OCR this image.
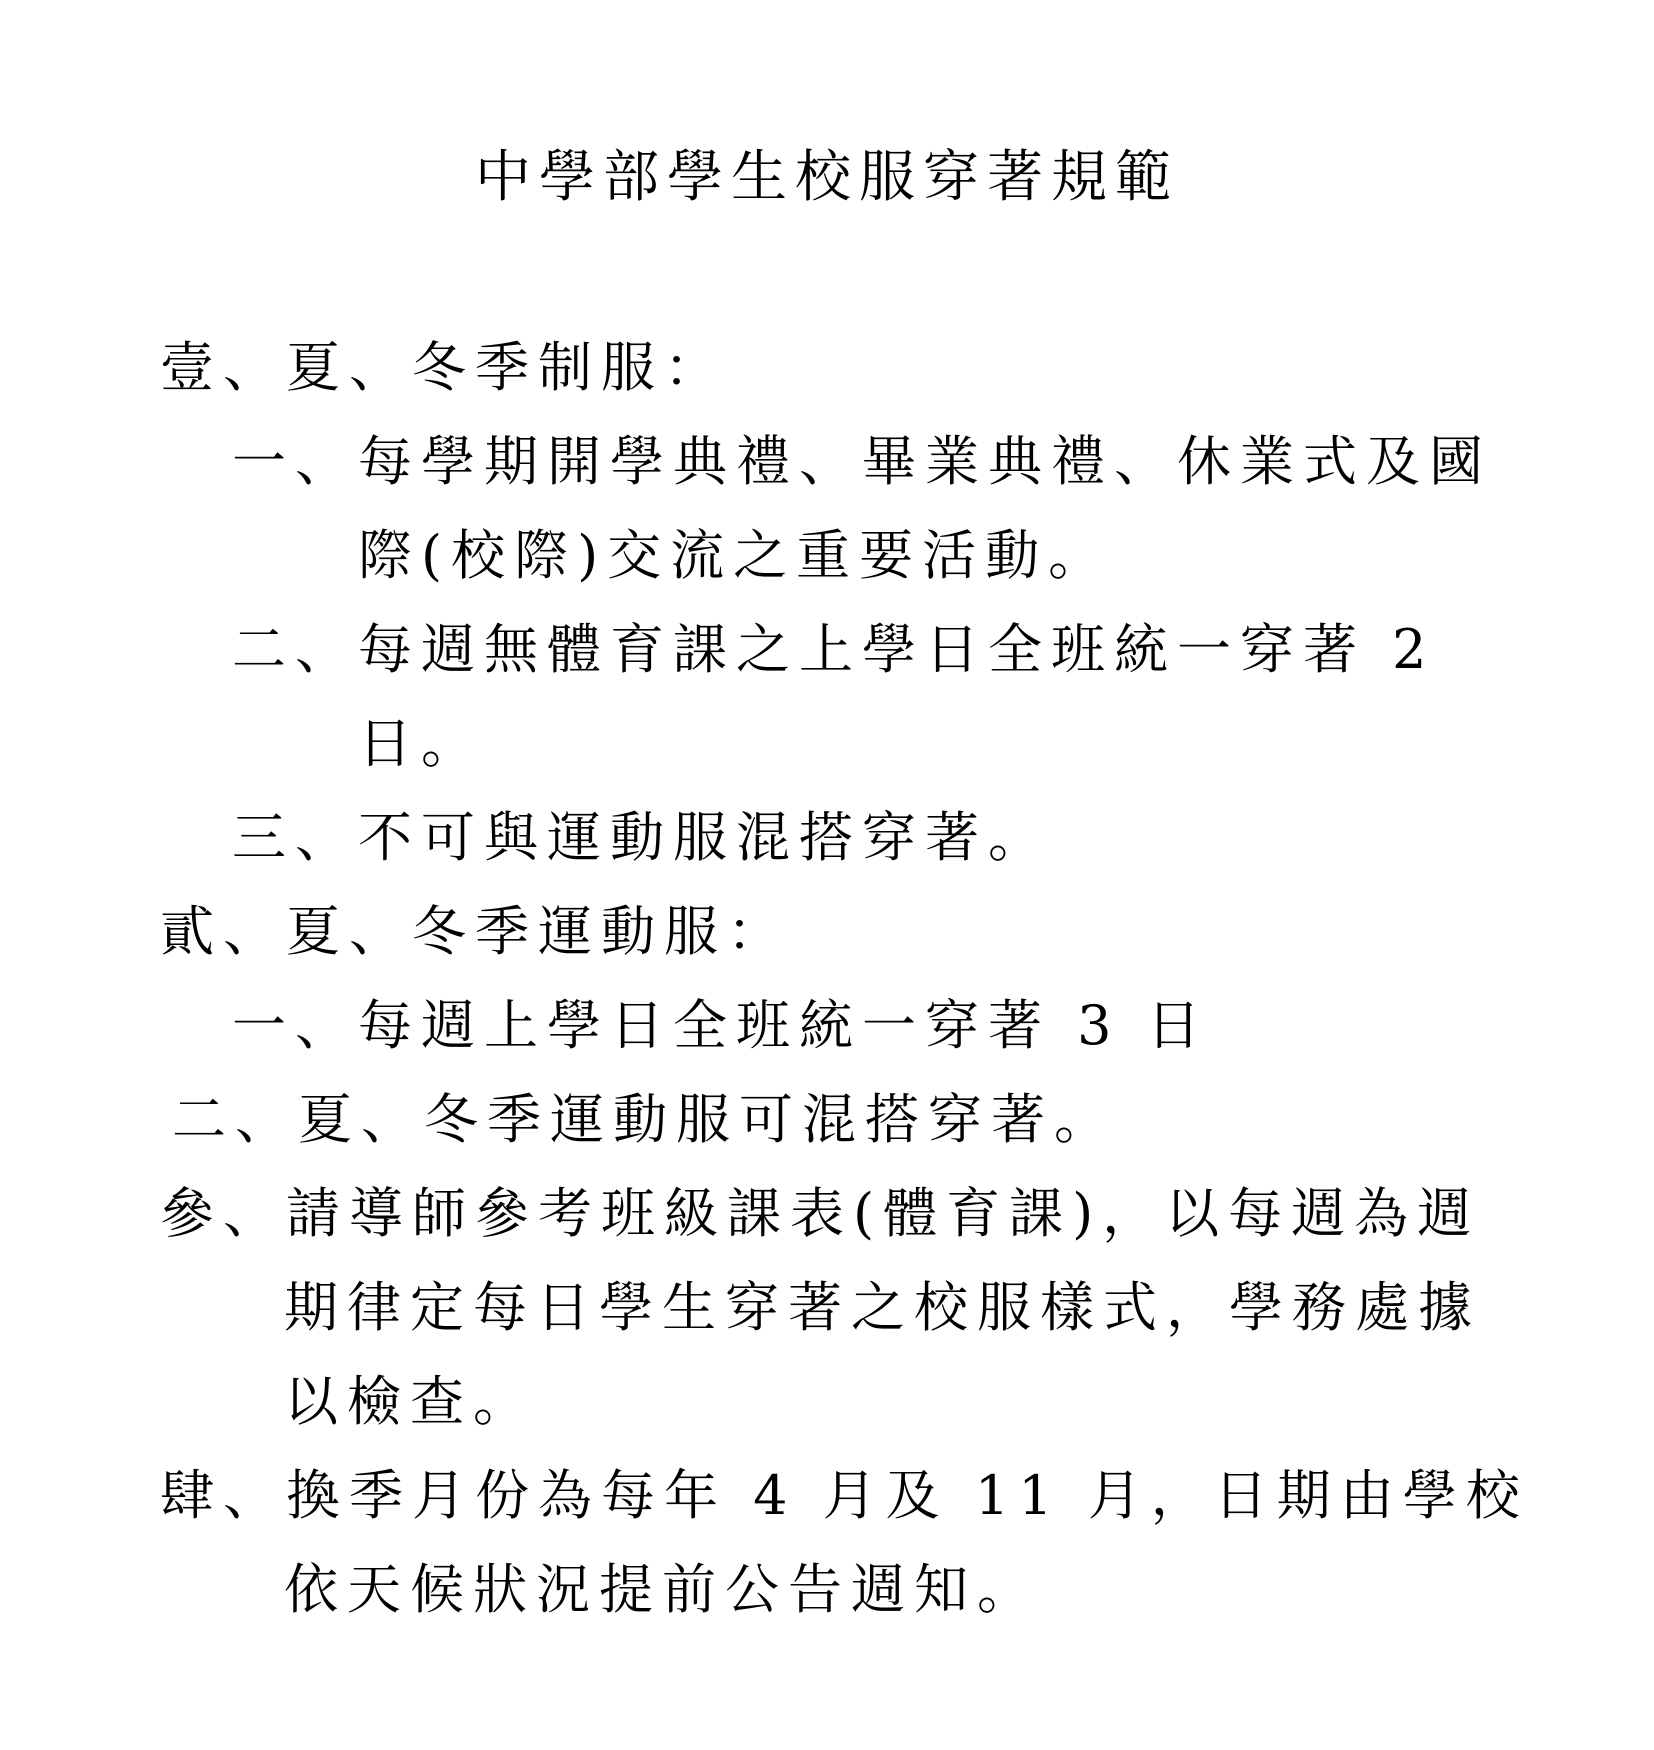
中學部學生校服穿著規範
壹、夏、冬季制服：
一、每學期開學典禮、畢業典禮、休業式及國
際(校際)交流之重要活動。
二、每週無體育課之上學日全班統一穿著 2
日。
三、不可與運動服混搭穿著。
貳、夏、冬季運動服：
一、每週上學日全班統一穿著 3 日
二、夏、冬季運動服可混搭穿著。
參、請導師參考班級課表(體育課)，以每週為週
期律定每日學生穿著之校服樣式，學務處據
以檢查。
肆、換季月份為每年 4 月及 11 月，日期由學校
依天候狀況提前公告週知。
